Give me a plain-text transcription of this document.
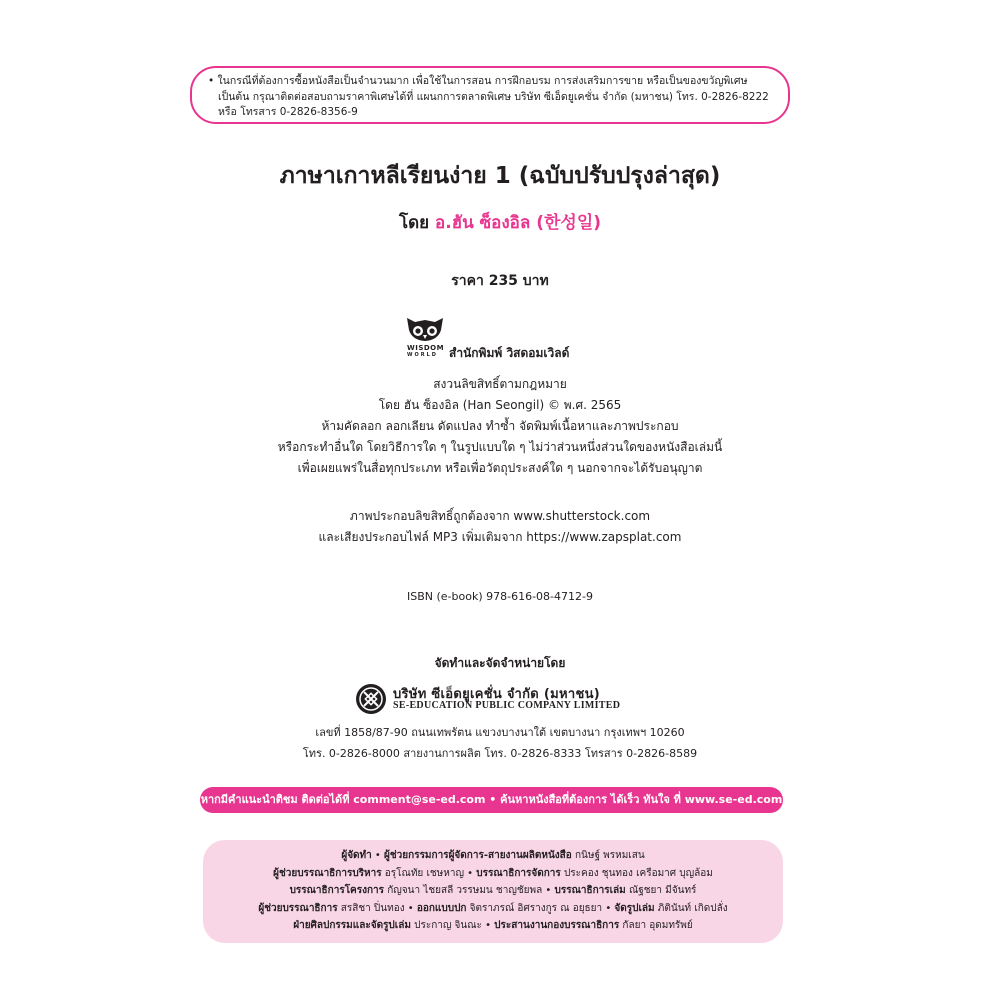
• ในกรณีที่ต้องการซื้อหนังสือเป็นจำนวนมาก เพื่อใช้ในการสอน การฝึกอบรม การส่งเสริมการขาย หรือเป็นของขวัญพิเศษ
เป็นต้น กรุณาติดต่อสอบถามราคาพิเศษได้ที่ แผนกการตลาดพิเศษ บริษัท ซีเอ็ดยูเคชั่น จำกัด (มหาชน) โทร. 0-2826-8222
หรือ โทรสาร 0-2826-8356-9
ภาษาเกาหลีเรียนง่าย 1 (ฉบับปรับปรุงล่าสุด)
โดย อ.ฮัน ซ็องอิล (한성일)
ราคา 235 บาท
WISDOM
WORLD สำนักพิมพ์ วิสดอมเวิลด์
สงวนลิขสิทธิ์ตามกฎหมาย
โดย ฮัน ซ็องอิล (Han Seongil) © พ.ศ. 2565
ห้ามคัดลอก ลอกเลียน ดัดแปลง ทำซ้ำ จัดพิมพ์เนื้อหาและภาพประกอบ
หรือกระทำอื่นใด โดยวิธีการใด ๆ ในรูปแบบใด ๆ ไม่ว่าส่วนหนึ่งส่วนใดของหนังสือเล่มนี้
เพื่อเผยแพร่ในสื่อทุกประเภท หรือเพื่อวัตถุประสงค์ใด ๆ นอกจากจะได้รับอนุญาต
ภาพประกอบลิขสิทธิ์ถูกต้องจาก www.shutterstock.com
และเสียงประกอบไฟล์ MP3 เพิ่มเติมจาก https://www.zapsplat.com
ISBN (e-book) 978-616-08-4712-9
จัดทำและจัดจำหน่ายโดย
บริษัท ซีเอ็ดยูเคชั่น จำกัด (มหาชน)
SE-EDUCATION PUBLIC COMPANY LIMITED
เลขที่ 1858/87-90 ถนนเทพรัตน แขวงบางนาใต้ เขตบางนา กรุงเทพฯ 10260
โทร. 0-2826-8000 สายงานการผลิต โทร. 0-2826-8333 โทรสาร 0-2826-8589
หากมีคำแนะนำติชม ติดต่อได้ที่ comment@se-ed.com • ค้นหาหนังสือที่ต้องการ ได้เร็ว ทันใจ ที่ www.se-ed.com
ผู้จัดทำ • ผู้ช่วยกรรมการผู้จัดการ-สายงานผลิตหนังสือ กนิษฐ์ พรหมเสน
ผู้ช่วยบรรณาธิการบริหาร อรุโณทัย เชษหาญ • บรรณาธิการจัดการ ประคอง ชุนทอง เครือมาศ บุญล้อม
บรรณาธิการโครงการ กัญจนา ไชยสลี วรรษมน ชาญชัยพล • บรรณาธิการเล่ม ณัฐชยา มีจันทร์
ผู้ช่วยบรรณาธิการ สรสิชา ปิ่นทอง • ออกแบบปก จิตราภรณ์ อิศรางกูร ณ อยุธยา • จัดรูปเล่ม ภิตินันท์ เกิดปลั่ง
ฝ่ายศิลปกรรมและจัดรูปเล่ม ประกาญ จินณะ • ประสานงานกองบรรณาธิการ กัลยา อุดมทรัพย์
